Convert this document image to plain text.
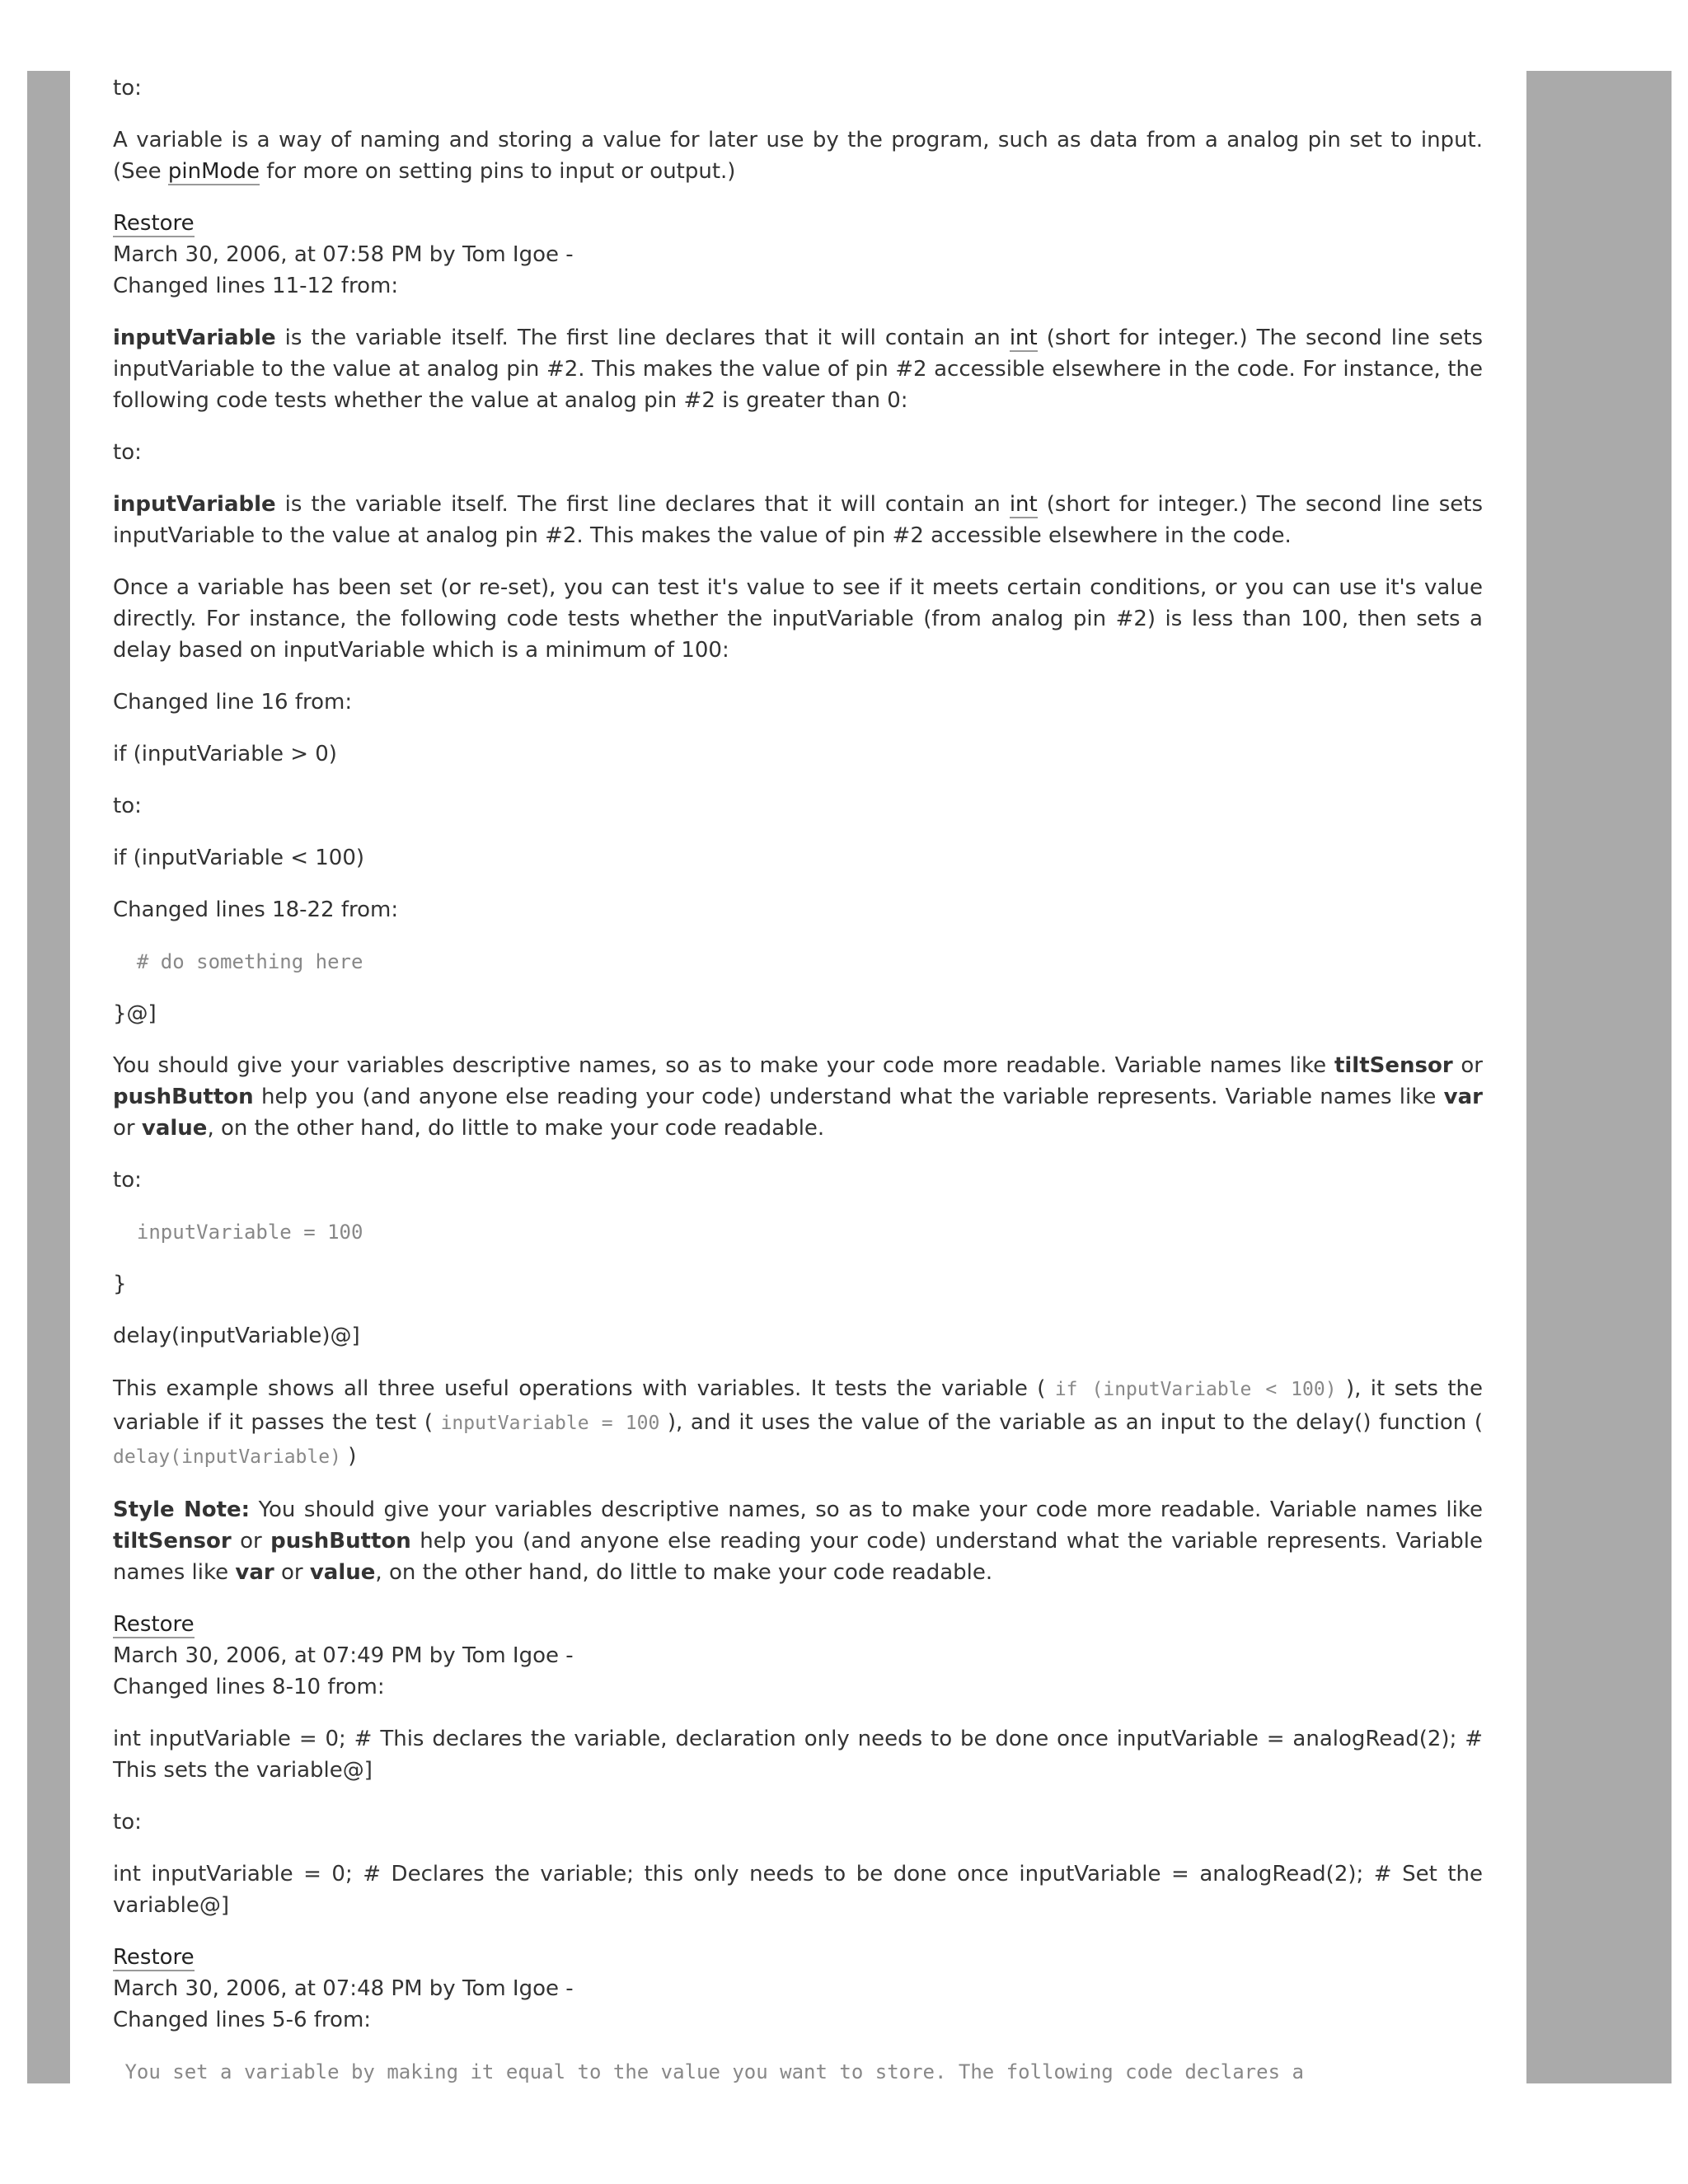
to:

A variable is a way of naming and storing a value for later use by the program, such as data from a analog pin set to input. (See pinMode for more on setting pins to input or output.)

Restore
March 30, 2006, at 07:58 PM by Tom Igoe -
Changed lines 11-12 from:

inputVariable is the variable itself. The first line declares that it will contain an int (short for integer.) The second line sets inputVariable to the value at analog pin #2. This makes the value of pin #2 accessible elsewhere in the code. For instance, the following code tests whether the value at analog pin #2 is greater than 0:

to:

inputVariable is the variable itself. The first line declares that it will contain an int (short for integer.) The second line sets inputVariable to the value at analog pin #2. This makes the value of pin #2 accessible elsewhere in the code.

Once a variable has been set (or re-set), you can test it's value to see if it meets certain conditions, or you can use it's value directly. For instance, the following code tests whether the inputVariable (from analog pin #2) is less than 100, then sets a delay based on inputVariable which is a minimum of 100:

Changed line 16 from:

if (inputVariable > 0)

to:

if (inputVariable < 100)

Changed lines 18-22 from:

# do something here

}@]

You should give your variables descriptive names, so as to make your code more readable. Variable names like tiltSensor or pushButton help you (and anyone else reading your code) understand what the variable represents. Variable names like var or value, on the other hand, do little to make your code readable.

to:

inputVariable = 100

}

delay(inputVariable)@]

This example shows all three useful operations with variables. It tests the variable ( if (inputVariable < 100) ), it sets the variable if it passes the test ( inputVariable = 100 ), and it uses the value of the variable as an input to the delay() function ( delay(inputVariable) )

Style Note: You should give your variables descriptive names, so as to make your code more readable. Variable names like tiltSensor or pushButton help you (and anyone else reading your code) understand what the variable represents. Variable names like var or value, on the other hand, do little to make your code readable.

Restore
March 30, 2006, at 07:49 PM by Tom Igoe -
Changed lines 8-10 from:

int inputVariable = 0; # This declares the variable, declaration only needs to be done once inputVariable = analogRead(2); # This sets the variable@]

to:

int inputVariable = 0; # Declares the variable; this only needs to be done once inputVariable = analogRead(2); # Set the variable@]

Restore
March 30, 2006, at 07:48 PM by Tom Igoe -
Changed lines 5-6 from:
You set a variable by making it equal to the value you want to store. The following code declares a
